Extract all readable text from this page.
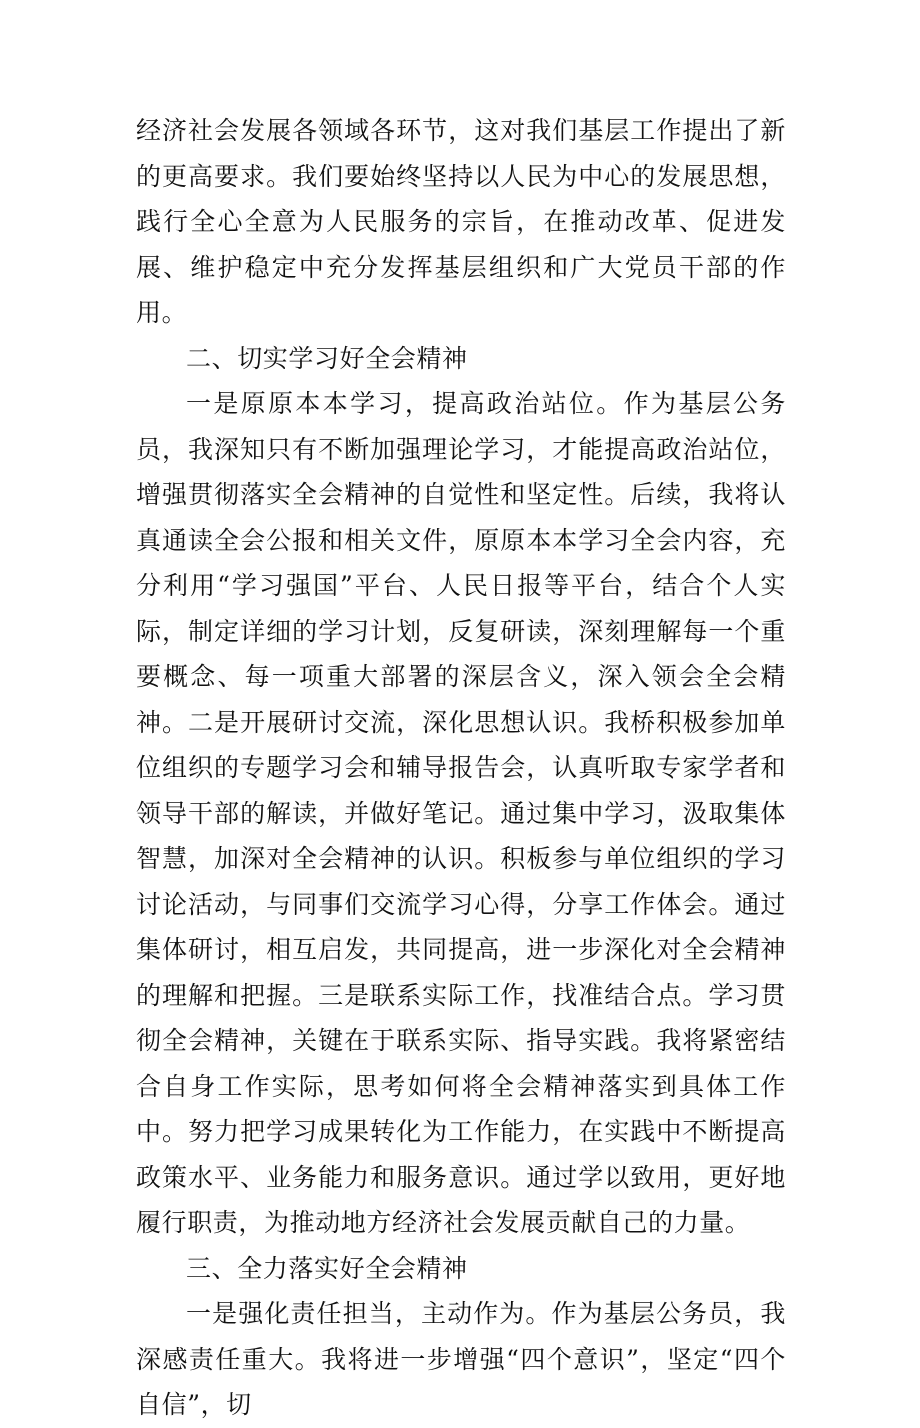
经济社会发展各领域各环节，这对我们基层工作提出了新的更高要求。我们要始终坚持以人民为中心的发展思想，践行全心全意为人民服务的宗旨，在推动改革、促进发展、维护稳定中充分发挥基层组织和广大党员干部的作用。

二、切实学习好全会精神

一是原原本本学习，提高政治站位。作为基层公务员，我深知只有不断加强理论学习，才能提高政治站位，增强贯彻落实全会精神的自觉性和坚定性。后续，我将认真通读全会公报和相关文件，原原本本学习全会内容，充分利用“学习强国”平台、人民日报等平台，结合个人实际，制定详细的学习计划，反复研读，深刻理解每一个重要概念、每一项重大部署的深层含义，深入领会全会精神。二是开展研讨交流，深化思想认识。我桥积极参加单位组织的专题学习会和辅导报告会，认真听取专家学者和领导干部的解读，并做好笔记。通过集中学习，汲取集体智慧，加深对全会精神的认识。积板参与单位组织的学习讨论活动，与同事们交流学习心得，分享工作体会。通过集体研讨，相互启发，共同提高，进一步深化对全会精神的理解和把握。三是联系实际工作，找准结合点。学习贯彻全会精神，关键在于联系实际、指导实践。我将紧密结合自身工作实际，思考如何将全会精神落实到具体工作中。努力把学习成果转化为工作能力，在实践中不断提高政策水平、业务能力和服务意识。通过学以致用，更好地履行职责，为推动地方经济社会发展贡献自己的力量。

三、全力落实好全会精神

一是强化责任担当，主动作为。作为基层公务员，我深感责任重大。我将进一步增强“四个意识”，坚定“四个自信”，切
